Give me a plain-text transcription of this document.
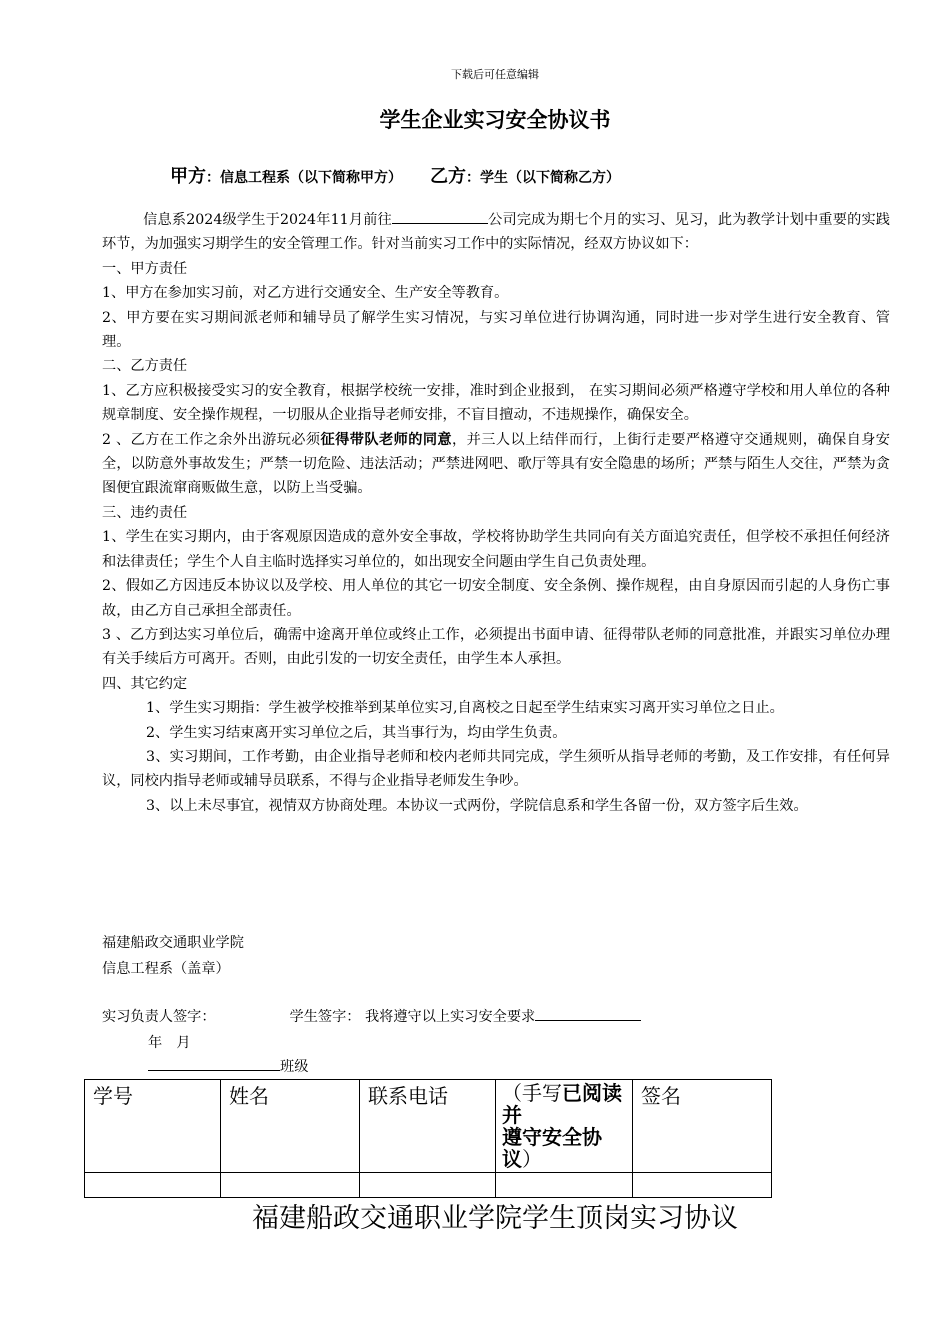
下载后可任意编辑
学生企业实习安全协议书
甲方：信息工程系（以下简称甲方） 乙方：学生（以下简称乙方）

信息系2024级学生于2024年11月前往	公司完成为期七个月的实习、见习，此为教学计划中重要的实践环节，为加强实习期学生的安全管理工作。针对当前实习工作中的实际情况，经双方协议如下：

一、甲方责任

1、甲方在参加实习前，对乙方进行交通安全、生产安全等教育。

2、甲方要在实习期间派老师和辅导员了解学生实习情况，与实习单位进行协调沟通，同时进一步对学生进行安全教育、管理。

二、乙方责任

1、乙方应积极接受实习的安全教育，根据学校统一安排，准时到企业报到， 在实习期间必须严格遵守学校和用人单位的各种规章制度、安全操作规程，一切服从企业指导老师安排，不盲目擅动，不违规操作，确保安全。

2 、乙方在工作之余外出游玩必须征得带队老师的同意，并三人以上结伴而行，上街行走要严格遵守交通规则，确保自身安全，以防意外事故发生；严禁一切危险、违法活动；严禁进网吧、歌厅等具有安全隐患的场所；严禁与陌生人交往，严禁为贪图便宜跟流窜商贩做生意，以防上当受骗。

三、违约责任

1、学生在实习期内，由于客观原因造成的意外安全事故，学校将协助学生共同向有关方面追究责任，但学校不承担任何经济和法律责任；学生个人自主临时选择实习单位的，如出现安全问题由学生自己负责处理。

2、假如乙方因违反本协议以及学校、用人单位的其它一切安全制度、安全条例、操作规程，由自身原因而引起的人身伤亡事故，由乙方自己承担全部责任。

3 、乙方到达实习单位后，确需中途离开单位或终止工作，必须提出书面申请、征得带队老师的同意批准，并跟实习单位办理有关手续后方可离开。否则，由此引发的一切安全责任，由学生本人承担。

四、其它约定

1、学生实习期指：学生被学校推举到某单位实习,自离校之日起至学生结束实习离开实习单位之日止。

2、学生实习结束离开实习单位之后，其当事行为，均由学生负责。

3、实习期间，工作考勤，由企业指导老师和校内老师共同完成，学生须听从指导老师的考勤，及工作安排，有任何异议，同校内指导老师或辅导员联系，不得与企业指导老师发生争吵。

3、以上未尽事宜，视情双方协商处理。本协议一式两份，学院信息系和学生各留一份，双方签字后生效。

福建船政交通职业学院
信息工程系（盖章）
实习负责人签字：	学生签字： 我将遵守以上实习安全要求
年　月
班级
学号	姓名	联系电话	（手写已阅读并
遵守安全协议）	签名

福建船政交通职业学院学生顶岗实习协议
